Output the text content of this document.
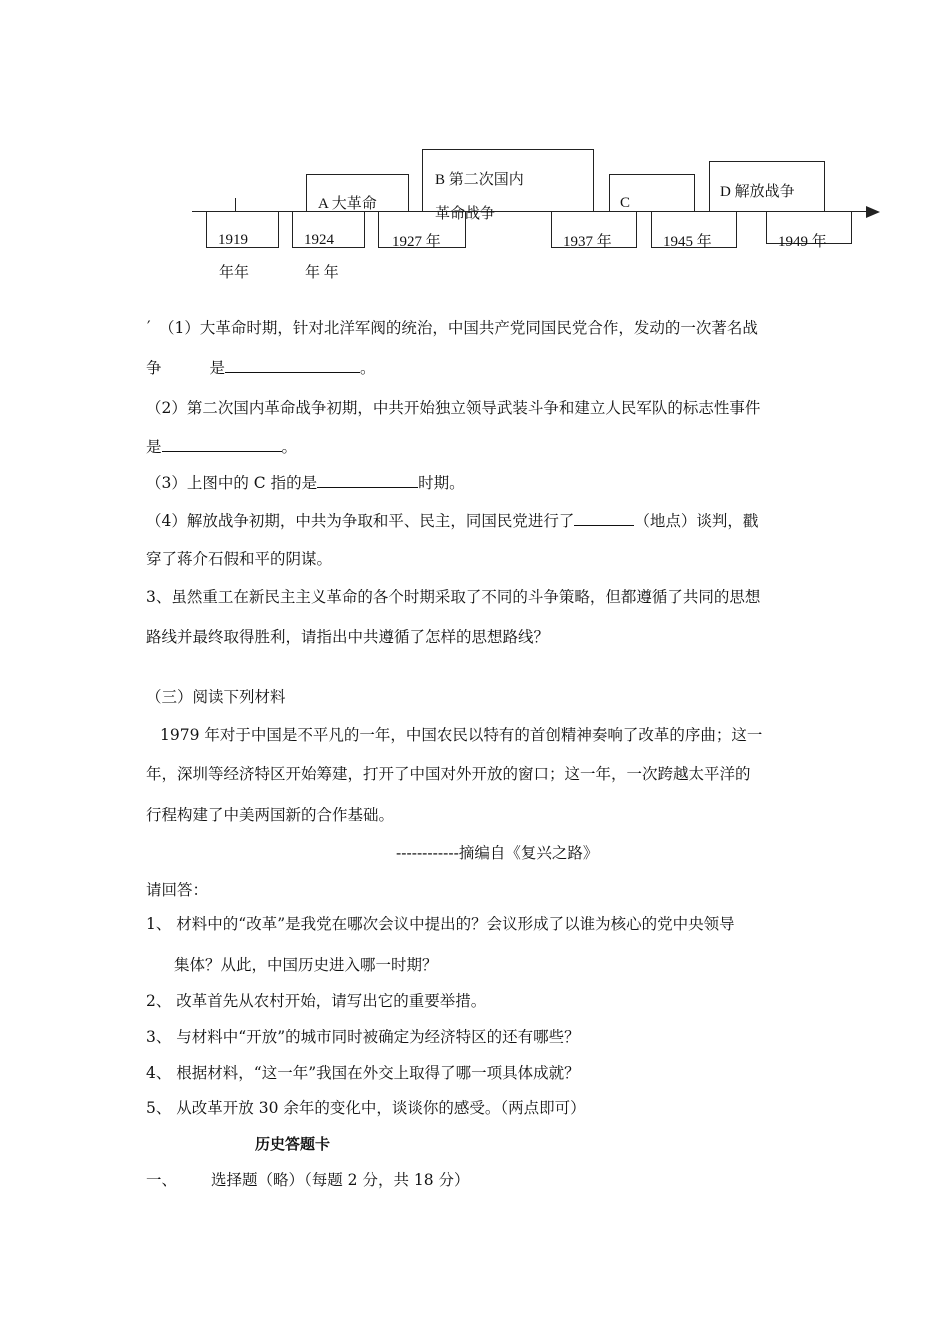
A 大革命
B 第二次国内
革命战争
C
D 解放战争
1919	1924	1927 年	1937 年	1945 年	1949 年
年年	年 年
′ （1）大革命时期，针对北洋军阀的统治，中国共产党同国民党合作，发动的一次著名战
争	是	。
（2）第二次国内革命战争初期，中共开始独立领导武装斗争和建立人民军队的标志性事件
是	。
（3）上图中的 C 指的是	时期。
（4）解放战争初期，中共为争取和平、民主，同国民党进行了	（地点）谈判，戳
穿了蒋介石假和平的阴谋。
3、虽然重工在新民主主义革命的各个时期采取了不同的斗争策略，但都遵循了共同的思想
路线并最终取得胜利，请指出中共遵循了怎样的思想路线？
（三）阅读下列材料
1979 年对于中国是不平凡的一年，中国农民以特有的首创精神奏响了改革的序曲；这一
年，深圳等经济特区开始筹建，打开了中国对外开放的窗口；这一年，一次跨越太平洋的
行程构建了中美两国新的合作基础。
------------摘编自《复兴之路》
请回答：
1、 材料中的“改革”是我党在哪次会议中提出的？会议形成了以谁为核心的党中央领导
集体？从此，中国历史进入哪一时期？
2、 改革首先从农村开始，请写出它的重要举措。
3、 与材料中“开放”的城市同时被确定为经济特区的还有哪些？
4、 根据材料，“这一年”我国在外交上取得了哪一项具体成就？
5、 从改革开放 30 余年的变化中，谈谈你的感受。（两点即可）
历史答题卡
一、 选择题（略）（每题 2 分，共 18 分）
